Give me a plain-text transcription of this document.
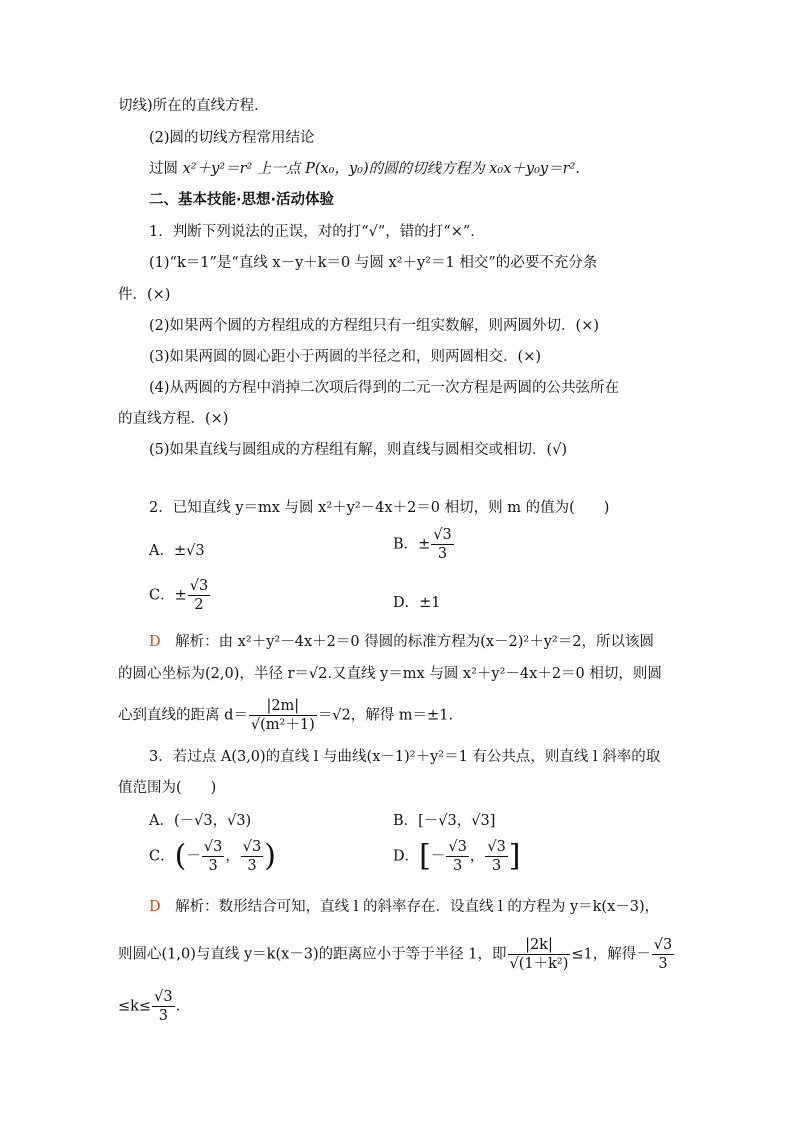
切线)所在的直线方程．
(2)圆的切线方程常用结论
过圆 x²＋y²＝r² 上一点 P(x₀，y₀)的圆的切线方程为 x₀x＋y₀y＝r².
二、基本技能·思想·活动体验
1．判断下列说法的正误，对的打“√”，错的打“×”．
(1)“k＝1”是“直线 x－y＋k＝0 与圆 x²＋y²＝1 相交”的必要不充分条
件．(×)
(2)如果两个圆的方程组成的方程组只有一组实数解，则两圆外切．(×)
(3)如果两圆的圆心距小于两圆的半径之和，则两圆相交．(×)
(4)从两圆的方程中消掉二次项后得到的二元一次方程是两圆的公共弦所在
的直线方程．(×)
(5)如果直线与圆组成的方程组有解，则直线与圆相交或相切．(√)
2．已知直线 y＝mx 与圆 x²＋y²－4x＋2＝0 相切，则 m 的值为(　　)
A．±√3	B．± $\frac{√3}{3}$
C．± $\frac{√3}{2}$	D．±1
D　解析：由 x²＋y²－4x＋2＝0 得圆的标准方程为(x－2)²＋y²＝2，所以该圆
的圆心坐标为(2,0)，半径 r＝√2.又直线 y＝mx 与圆 x²＋y²－4x＋2＝0 相切，则圆
心到直线的距离 $d= \frac{|2m|}{\text{√(m²＋1)}} =√2$，解得 m＝±1.
3．若过点 A(3,0)的直线 l 与曲线(x－1)²＋y²＝1 有公共点，则直线 l 斜率的取
值范围为(　　)
A．(－√3，√3)	B．[－√3，√3]
C．(－ $\frac{√3}{3}$ ， $\frac{√3}{3}$ )	D．[－ $\frac{√3}{3}$ ， $\frac{√3}{3}$ ]
D　解析：数形结合可知，直线 l 的斜率存在．设直线 l 的方程为 y＝k(x－3)，
则圆心(1,0)与直线 y＝k(x－3)的距离应小于等于半径 1，即 $\frac{|2k|}{\text{√(1＋k²)}} \le 1$，解得－ $\frac{√3}{3}$
$\le k\le \frac{√3}{3}$ .
